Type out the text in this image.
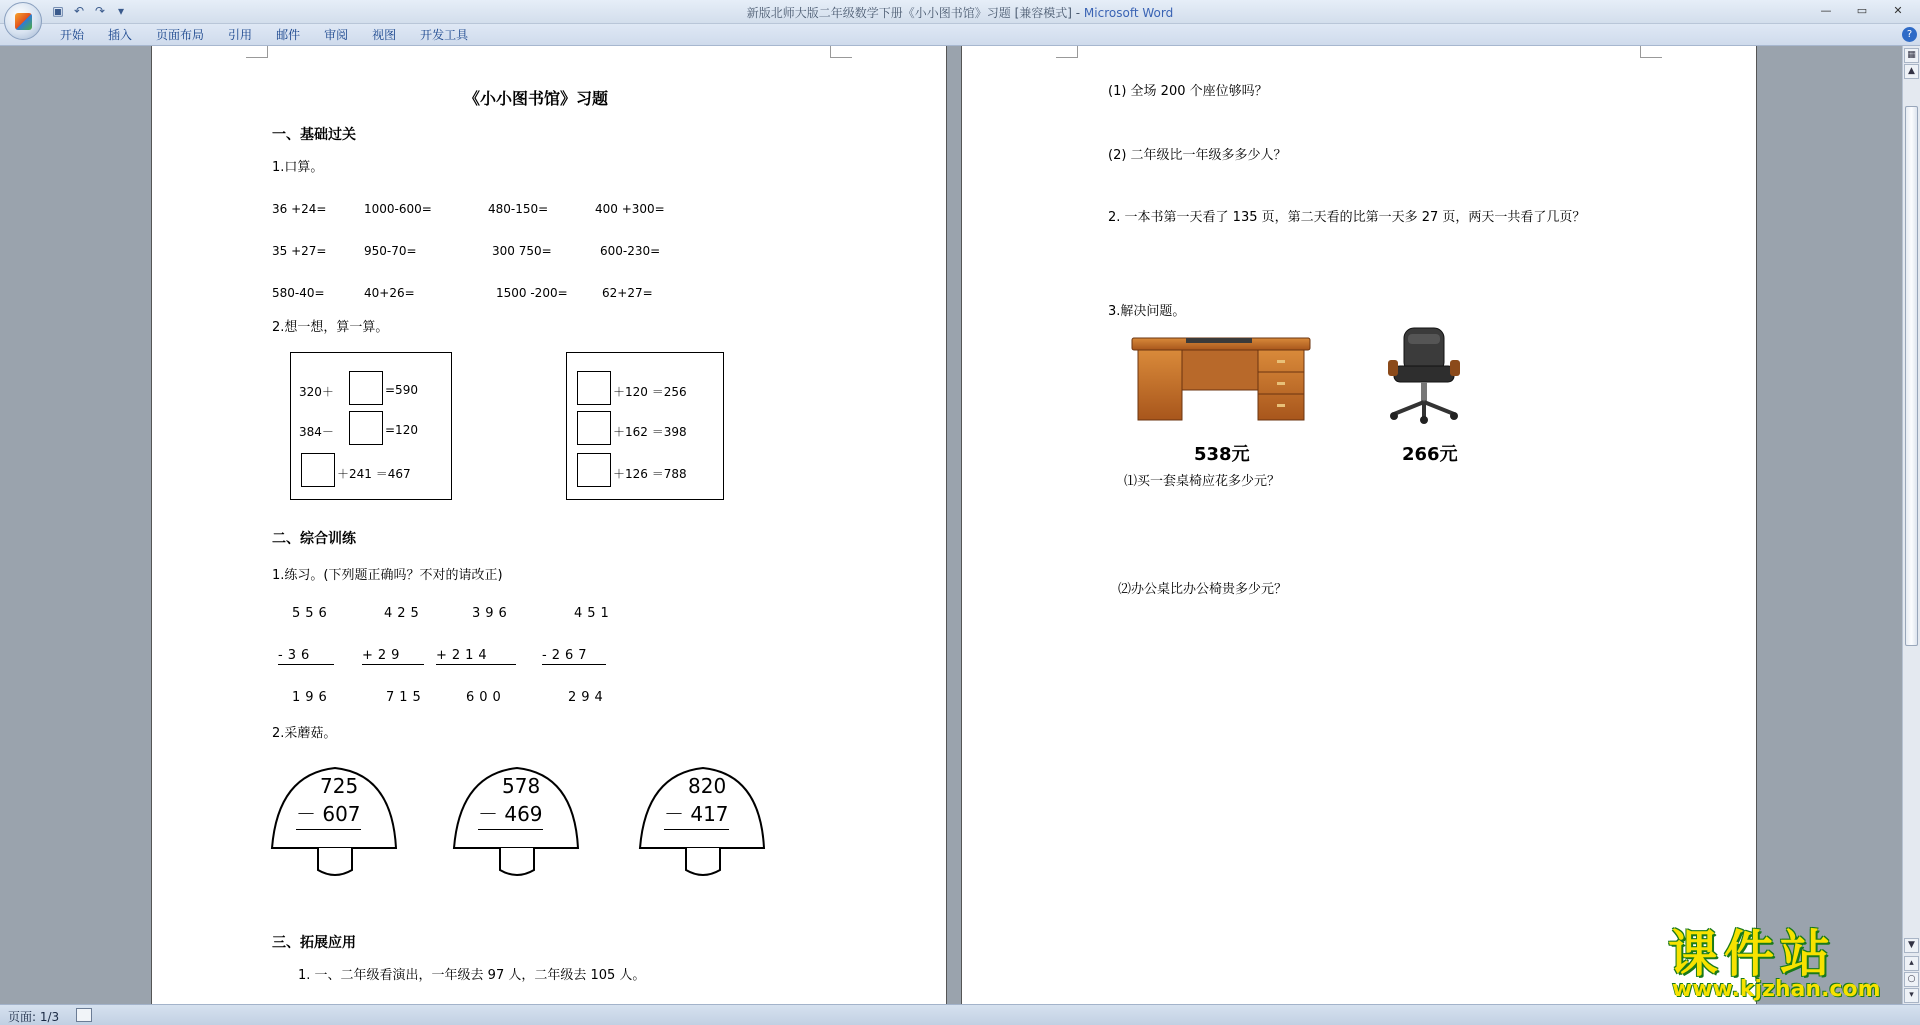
▣ ↶ ↷	▾	新版北师大版二年级数学下册《小小图书馆》习题 [兼容模式] - Microsoft Word	—	▭	✕
开始	插入	页面布局	引用	邮件	审阅	视图	开发工具	?
《小小图书馆》习题
一、基础过关
1.口算。
36 +24=	1000-600=	480-150=	400 +300=
35 +27=	950-70=	300 750=	600-230=
580-40=	40+26=	1500 -200=	62+27=
2.想一想，算一算。
320＋	=590
384－	=120
＋241 ＝467
＋120 ＝256
＋162 ＝398
＋126 ＝788
二、综合训练
1.练习。(下列题正确吗？不对的请改正)
556	425	396	451
-36	+29	+214	-267
196	715	600	294
2.采蘑菇。
725
－ 607
578
－ 469
820
－ 417
三、拓展应用
1. 一、二年级看演出，一年级去 97 人，二年级去 105 人。
(1) 全场 200 个座位够吗？
(2) 二年级比一年级多多少人？
2. 一本书第一天看了 135 页，第二天看的比第一天多 27 页，两天一共看了几页？
3.解决问题。
538元	266元
⑴买一套桌椅应花多少元？
⑵办公桌比办公椅贵多少元？
▦
▲
▼
▴
○
▾
页面: 1/3
课件站
www.kjzhan.com
